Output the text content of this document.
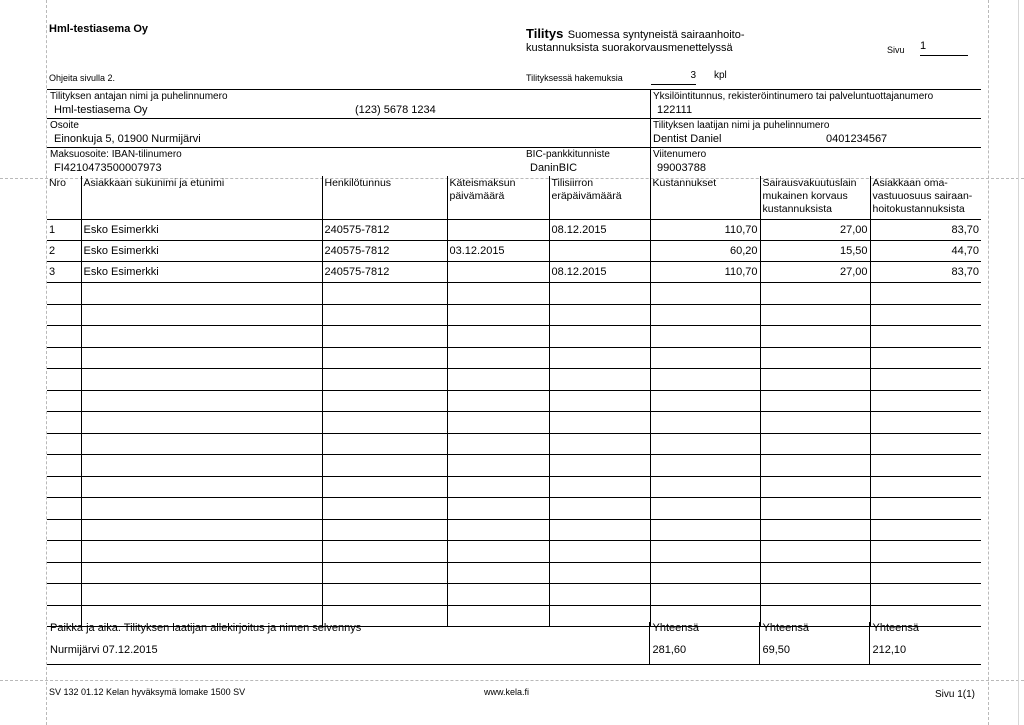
Hml-testiasema Oy	Tilitys Suomessa syntyneistä sairaanhoito-
kustannuksista suorakorvausmenettelyssä	Sivu 1
Ohjeita sivulla 2.	Tilityksessä hakemuksia	3 kpl
Tilityksen antajan nimi ja puhelinnumero
Hml-testiasema Oy	(123) 5678 1234
Yksilöintitunnus, rekisteröintinumero tai palveluntuottajanumero
122111
Osoite
Einonkuja 5, 01900 Nurmijärvi
Tilityksen laatijan nimi ja puhelinnumero
Dentist Daniel	0401234567
Maksuosoite: IBAN-tilinumero
FI4210473500007973
BIC-pankkitunniste
DaninBIC
Viitenumero
99003788
Nro	Asiakkaan sukunimi ja etunimi	Henkilötunnus	Käteismaksun päivämäärä	Tilisiirron eräpäivämäärä	Kustannukset	Sairausvakuutuslain mukainen korvaus kustannuksista	Asiakkaan oma-vastuuosuus sairaan-hoitokustannuksista
1	Esko Esimerkki	240575-7812		08.12.2015	110,70	27,00	83,70
2	Esko Esimerkki	240575-7812	03.12.2015		60,20	15,50	44,70
3	Esko Esimerkki	240575-7812		08.12.2015	110,70	27,00	83,70

Paikka ja aika. Tilityksen laatijan allekirjoitus ja nimen selvennys	Yhteensä	Yhteensä	Yhteensä
Nurmijärvi 07.12.2015	281,60	69,50	212,10
SV 132 01.12 Kelan hyväksymä lomake 1500 SV	www.kela.fi	Sivu 1(1)
